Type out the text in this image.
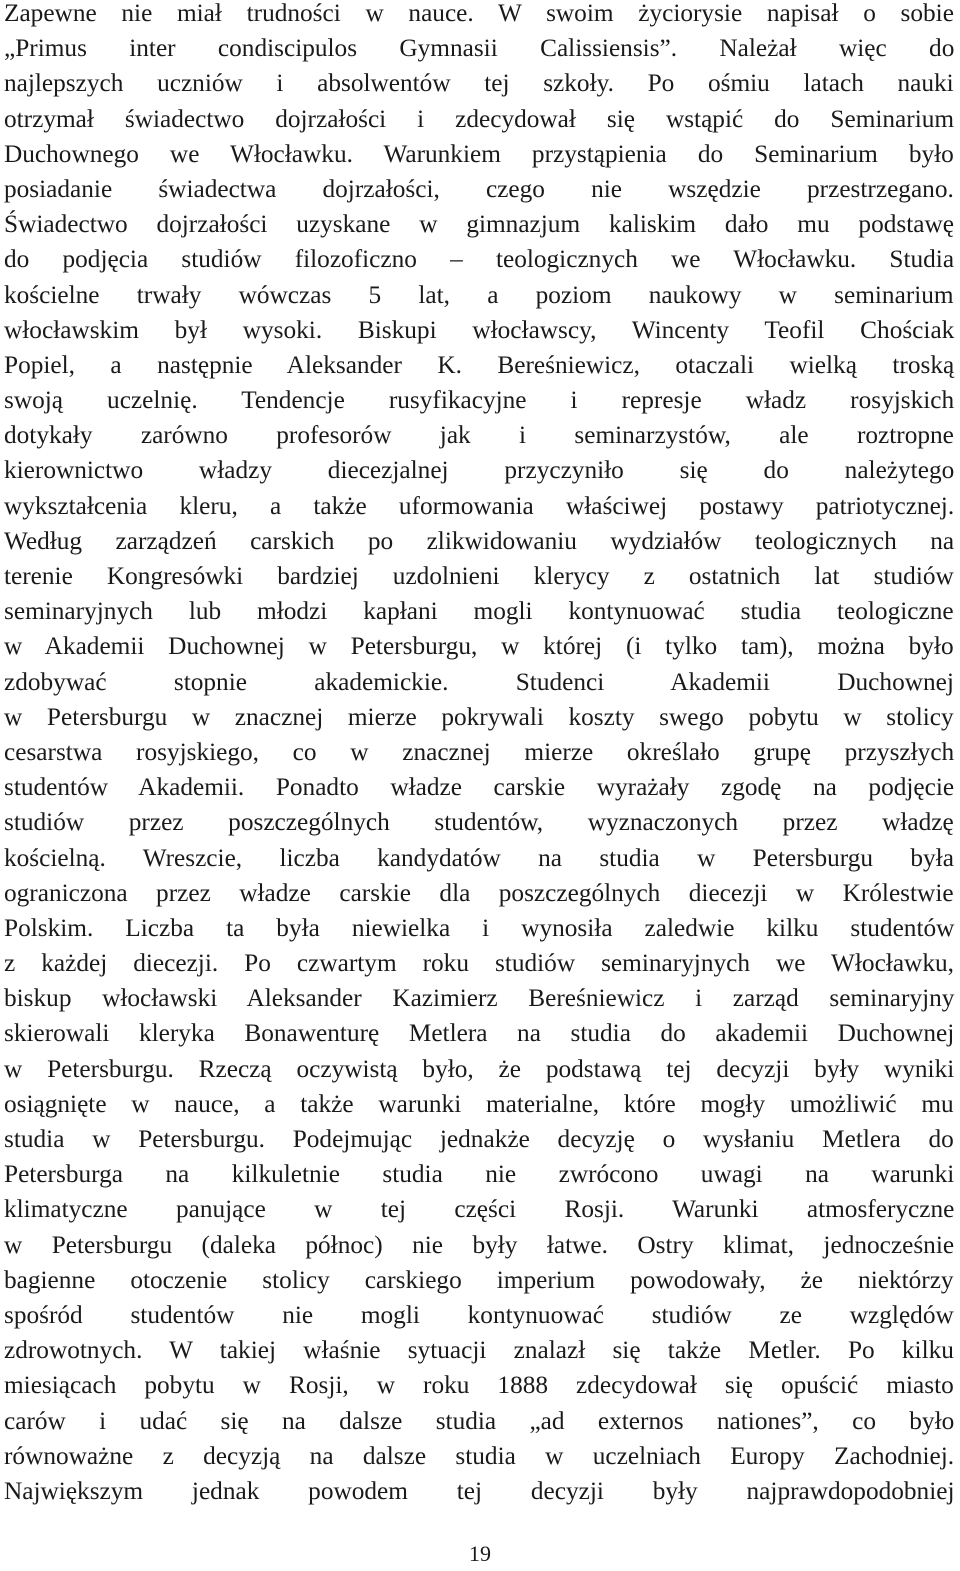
Zapewne nie miał trudności w nauce. W swoim życiorysie napisał o sobie
„Primus inter condiscipulos Gymnasii Calissiensis”. Należał więc do
najlepszych uczniów i absolwentów tej szkoły. Po ośmiu latach nauki
otrzymał świadectwo dojrzałości i zdecydował się wstąpić do Seminarium
Duchownego we Włocławku. Warunkiem przystąpienia do Seminarium było
posiadanie świadectwa dojrzałości, czego nie wszędzie przestrzegano.
Świadectwo dojrzałości uzyskane w gimnazjum kaliskim dało mu podstawę
do podjęcia studiów filozoficzno – teologicznych we Włocławku. Studia
kościelne trwały wówczas 5 lat, a poziom naukowy w seminarium
włocławskim był wysoki. Biskupi włocławscy, Wincenty Teofil Chościak
Popiel, a następnie Aleksander K. Bereśniewicz, otaczali wielką troską
swoją uczelnię. Tendencje rusyfikacyjne i represje władz rosyjskich
dotykały zarówno profesorów jak i seminarzystów, ale roztropne
kierownictwo władzy diecezjalnej przyczyniło się do należytego
wykształcenia kleru, a także uformowania właściwej postawy patriotycznej.
Według zarządzeń carskich po zlikwidowaniu wydziałów teologicznych na
terenie Kongresówki bardziej uzdolnieni klerycy z ostatnich lat studiów
seminaryjnych lub młodzi kapłani mogli kontynuować studia teologiczne
w Akademii Duchownej w Petersburgu, w której (i tylko tam), można było
zdobywać stopnie akademickie. Studenci Akademii Duchownej
w Petersburgu w znacznej mierze pokrywali koszty swego pobytu w stolicy
cesarstwa rosyjskiego, co w znacznej mierze określało grupę przyszłych
studentów Akademii. Ponadto władze carskie wyrażały zgodę na podjęcie
studiów przez poszczególnych studentów, wyznaczonych przez władzę
kościelną. Wreszcie, liczba kandydatów na studia w Petersburgu była
ograniczona przez władze carskie dla poszczególnych diecezji w Królestwie
Polskim. Liczba ta była niewielka i wynosiła zaledwie kilku studentów
z każdej diecezji. Po czwartym roku studiów seminaryjnych we Włocławku,
biskup włocławski Aleksander Kazimierz Bereśniewicz i zarząd seminaryjny
skierowali kleryka Bonawenturę Metlera na studia do akademii Duchownej
w Petersburgu. Rzeczą oczywistą było, że podstawą tej decyzji były wyniki
osiągnięte w nauce, a także warunki materialne, które mogły umożliwić mu
studia w Petersburgu. Podejmując jednakże decyzję o wysłaniu Metlera do
Petersburga na kilkuletnie studia nie zwrócono uwagi na warunki
klimatyczne panujące w tej części Rosji. Warunki atmosferyczne
w Petersburgu (daleka północ) nie były łatwe. Ostry klimat, jednocześnie
bagienne otoczenie stolicy carskiego imperium powodowały, że niektórzy
spośród studentów nie mogli kontynuować studiów ze względów
zdrowotnych. W takiej właśnie sytuacji znalazł się także Metler. Po kilku
miesiącach pobytu w Rosji, w roku 1888 zdecydował się opuścić miasto
carów i udać się na dalsze studia „ad externos nationes”, co było
równoważne z decyzją na dalsze studia w uczelniach Europy Zachodniej.
Największym jednak powodem tej decyzji były najprawdopodobniej
19
